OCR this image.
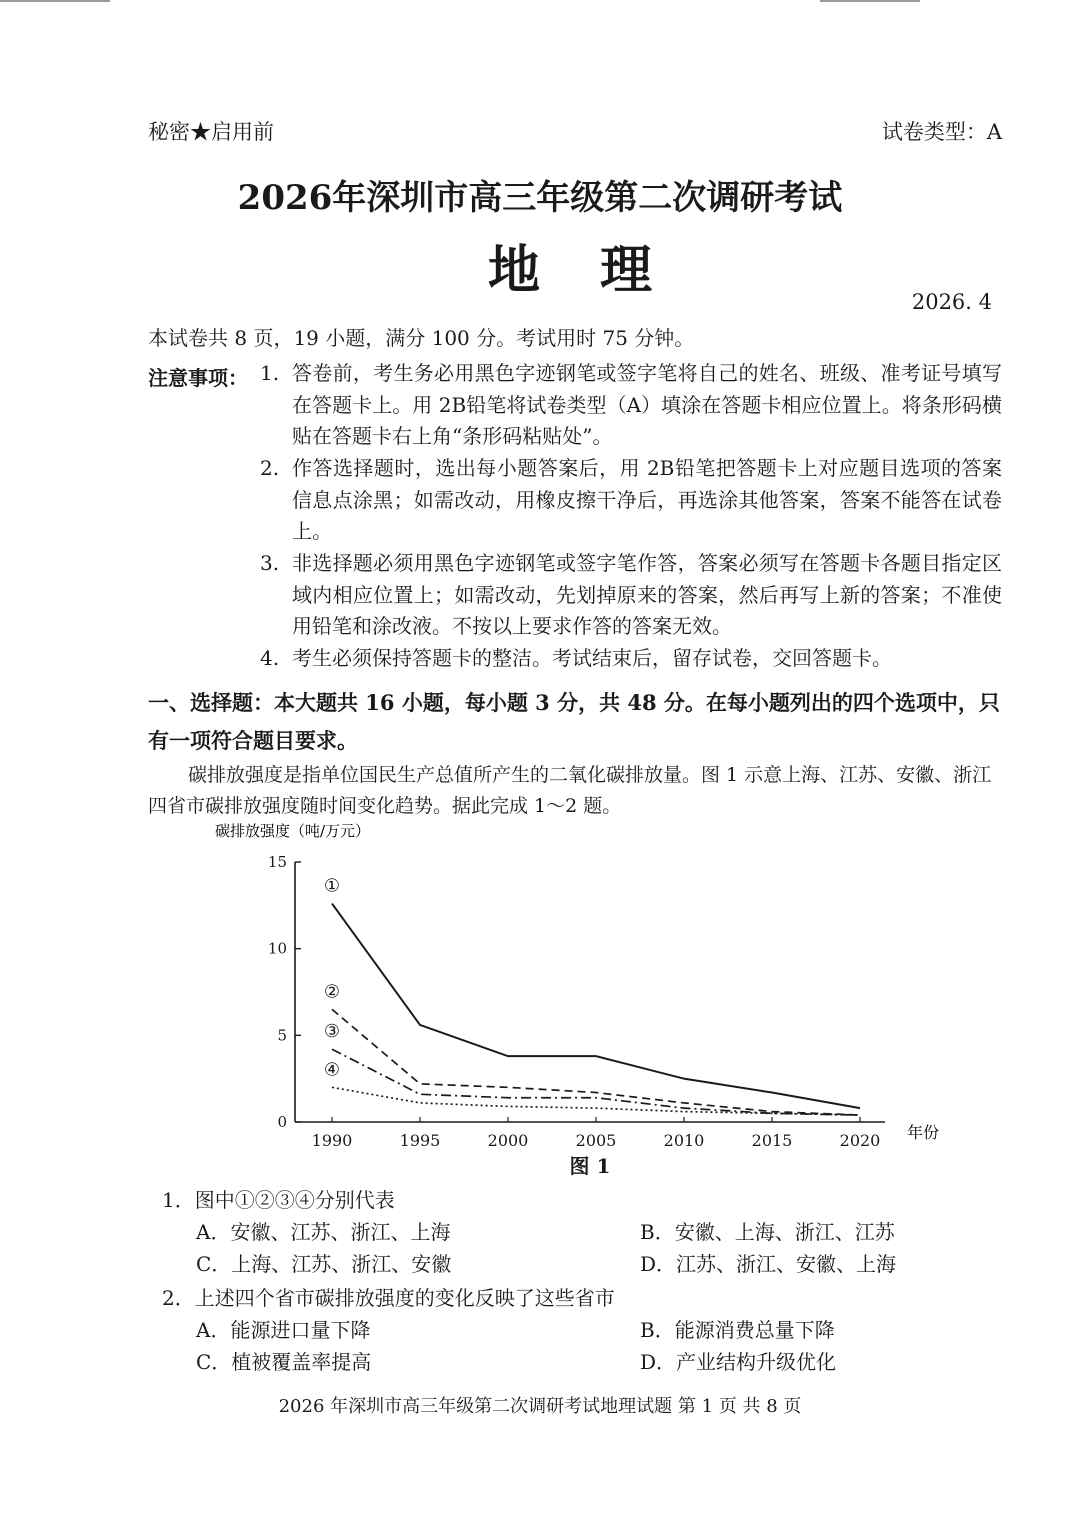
秘密★启用前	试卷类型：A
2026年深圳市高三年级第二次调研考试
地理
2026. 4
本试卷共 8 页，19 小题，满分 100 分。考试用时 75 分钟。
注意事项： 1. 答卷前，考生务必用黑色字迹钢笔或签字笔将自己的姓名、班级、准考证号填写在答题卡上。用 2B铅笔将试卷类型（A）填涂在答题卡相应位置上。将条形码横贴在答题卡右上角“条形码粘贴处”。
2. 作答选择题时，选出每小题答案后，用 2B铅笔把答题卡上对应题目选项的答案信息点涂黑；如需改动，用橡皮擦干净后，再选涂其他答案，答案不能答在试卷上。
3. 非选择题必须用黑色字迹钢笔或签字笔作答，答案必须写在答题卡各题目指定区域内相应位置上；如需改动，先划掉原来的答案，然后再写上新的答案；不准使用铅笔和涂改液。不按以上要求作答的答案无效。
4. 考生必须保持答题卡的整洁。考试结束后，留存试卷，交回答题卡。
一、选择题：本大题共 16 小题，每小题 3 分，共 48 分。在每小题列出的四个选项中，只有一项符合题目要求。
碳排放强度是指单位国民生产总值所产生的二氧化碳排放量。图 1 示意上海、江苏、安徽、浙江四省市碳排放强度随时间变化趋势。据此完成 1～2 题。
碳排放强度（吨/万元）
年份
0
5
10
15
1990	1995	2000	2005	2010	2015	2020
①
②
③
④
图 1
1．图中①②③④分别代表
A．安徽、江苏、浙江、上海	B．安徽、上海、浙江、江苏
C．上海、江苏、浙江、安徽	D．江苏、浙江、安徽、上海
2．上述四个省市碳排放强度的变化反映了这些省市
A．能源进口量下降	B．能源消费总量下降
C．植被覆盖率提高	D．产业结构升级优化
2026 年深圳市高三年级第二次调研考试地理试题 第 1 页 共 8 页
